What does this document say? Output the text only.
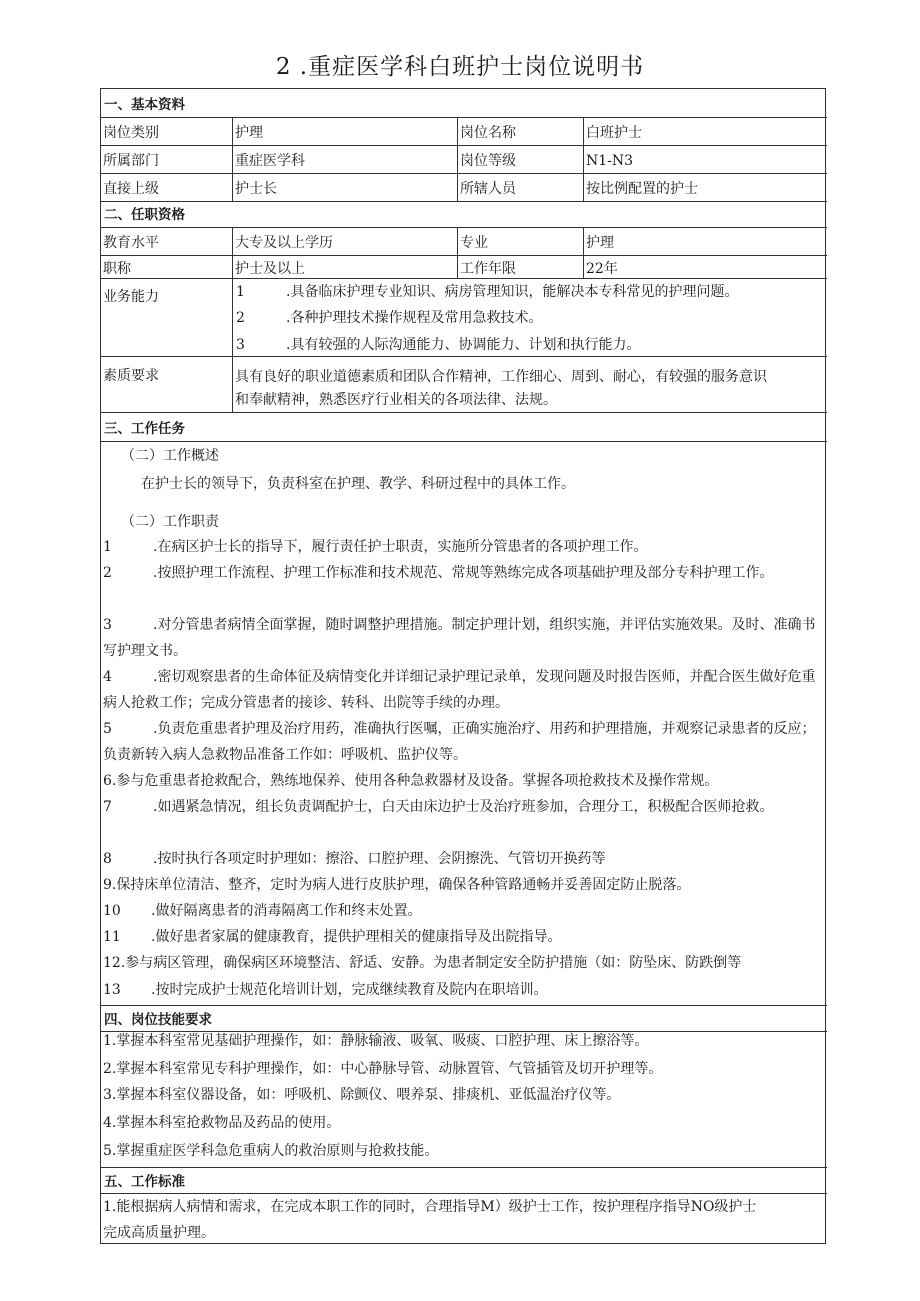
2 .重症医学科白班护士岗位说明书
一、基本资料
岗位类别	护理	岗位名称	白班护士
所属部门	重症医学科	岗位等级	N1-N3
直接上级	护士长	所辖人员	按比例配置的护士
二、任职资格
教育水平	大专及以上学历	专业	护理
职称	护士及以上	工作年限	22年
业务能力	1	.具备临床护理专业知识、病房管理知识，能解决本专科常见的护理问题。
2	.各种护理技术操作规程及常用急救技术。
3	.具有较强的人际沟通能力、协调能力、计划和执行能力。
素质要求	具有良好的职业道德素质和团队合作精神，工作细心、周到、耐心，有较强的服务意识
和奉献精神，熟悉医疗行业相关的各项法律、法规。
三、工作任务
（二）工作概述
在护士长的领导下，负责科室在护理、教学、科研过程中的具体工作。
（二）工作职责
1	.在病区护士长的指导下，履行责任护士职责，实施所分管患者的各项护理工作。
2	.按照护理工作流程、护理工作标准和技术规范、常规等熟练完成各项基础护理及部分专科护理工作。
3	.对分管患者病情全面掌握，随时调整护理措施。制定护理计划，组织实施，并评估实施效果。及时、准确书写护理文书。
4	.密切观察患者的生命体征及病情变化并详细记录护理记录单，发现问题及时报告医师，并配合医生做好危重病人抢救工作；完成分管患者的接诊、转科、出院等手续的办理。
5	.负责危重患者护理及治疗用药，准确执行医嘱，正确实施治疗、用药和护理措施，并观察记录患者的反应；负责新转入病人急救物品准备工作如：呼吸机、监护仪等。
6.参与危重患者抢救配合，熟练地保养、使用各种急救器材及设备。掌握各项抢救技术及操作常规。
7	.如遇紧急情况，组长负责调配护士，白天由床边护士及治疗班参加，合理分工，积极配合医师抢救。
8	.按时执行各项定时护理如：擦浴、口腔护理、会阴擦洗、气管切开换药等
9.保持床单位清洁、整齐，定时为病人进行皮肤护理，确保各种管路通畅并妥善固定防止脱落。
10 .做好隔离患者的消毒隔离工作和终末处置。
11 .做好患者家属的健康教育，提供护理相关的健康指导及出院指导。
12.参与病区管理，确保病区环境整洁、舒适、安静。为患者制定安全防护措施（如：防坠床、防跌倒等
13 .按时完成护士规范化培训计划，完成继续教育及院内在职培训。
四、岗位技能要求
1.掌握本科室常见基础护理操作，如：静脉输液、吸氧、吸痰、口腔护理、床上擦浴等。
2.掌握本科室常见专科护理操作，如：中心静脉导管、动脉置管、气管插管及切开护理等。
3.掌握本科室仪器设备，如：呼吸机、除颤仪、喂养泵、排痰机、亚低温治疗仪等。
4.掌握本科室抢救物品及药品的使用。
5.掌握重症医学科急危重病人的救治原则与抢救技能。
五、工作标准
1.能根据病人病情和需求，在完成本职工作的同时，合理指导M）级护士工作，按护理程序指导NO级护士
完成高质量护理。
